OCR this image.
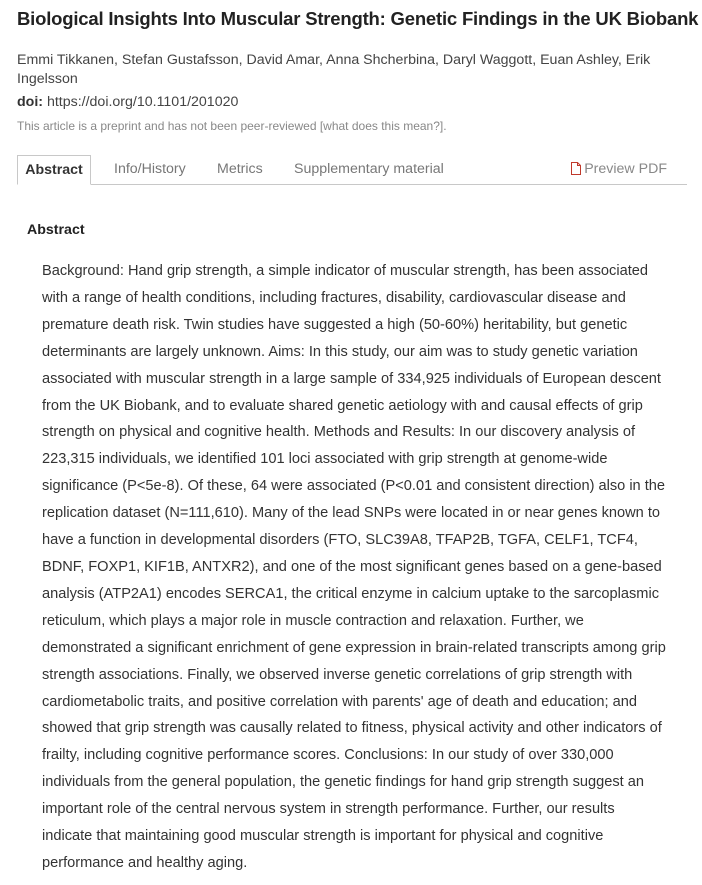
Biological Insights Into Muscular Strength: Genetic Findings in the UK Biobank
Emmi Tikkanen, Stefan Gustafsson, David Amar, Anna Shcherbina, Daryl Waggott, Euan Ashley, Erik Ingelsson
doi: https://doi.org/10.1101/201020
This article is a preprint and has not been peer-reviewed [what does this mean?].
Abstract	Info/History Metrics Supplementary material	Preview PDF
Abstract

Background: Hand grip strength, a simple indicator of muscular strength, has been associated with a range of health conditions, including fractures, disability, cardiovascular disease and premature death risk. Twin studies have suggested a high (50-60%) heritability, but genetic determinants are largely unknown. Aims: In this study, our aim was to study genetic variation associated with muscular strength in a large sample of 334,925 individuals of European descent from the UK Biobank, and to evaluate shared genetic aetiology with and causal effects of grip strength on physical and cognitive health. Methods and Results: In our discovery analysis of 223,315 individuals, we identified 101 loci associated with grip strength at genome-wide significance (P<5e-8). Of these, 64 were associated (P<0.01 and consistent direction) also in the replication dataset (N=111,610). Many of the lead SNPs were located in or near genes known to have a function in developmental disorders (FTO, SLC39A8, TFAP2B, TGFA, CELF1, TCF4, BDNF, FOXP1, KIF1B, ANTXR2), and one of the most significant genes based on a gene-based analysis (ATP2A1) encodes SERCA1, the critical enzyme in calcium uptake to the sarcoplasmic reticulum, which plays a major role in muscle contraction and relaxation. Further, we demonstrated a significant enrichment of gene expression in brain-related transcripts among grip strength associations. Finally, we observed inverse genetic correlations of grip strength with cardiometabolic traits, and positive correlation with parents' age of death and education; and showed that grip strength was causally related to fitness, physical activity and other indicators of frailty, including cognitive performance scores. Conclusions: In our study of over 330,000 individuals from the general population, the genetic findings for hand grip strength suggest an important role of the central nervous system in strength performance. Further, our results indicate that maintaining good muscular strength is important for physical and cognitive performance and healthy aging.
